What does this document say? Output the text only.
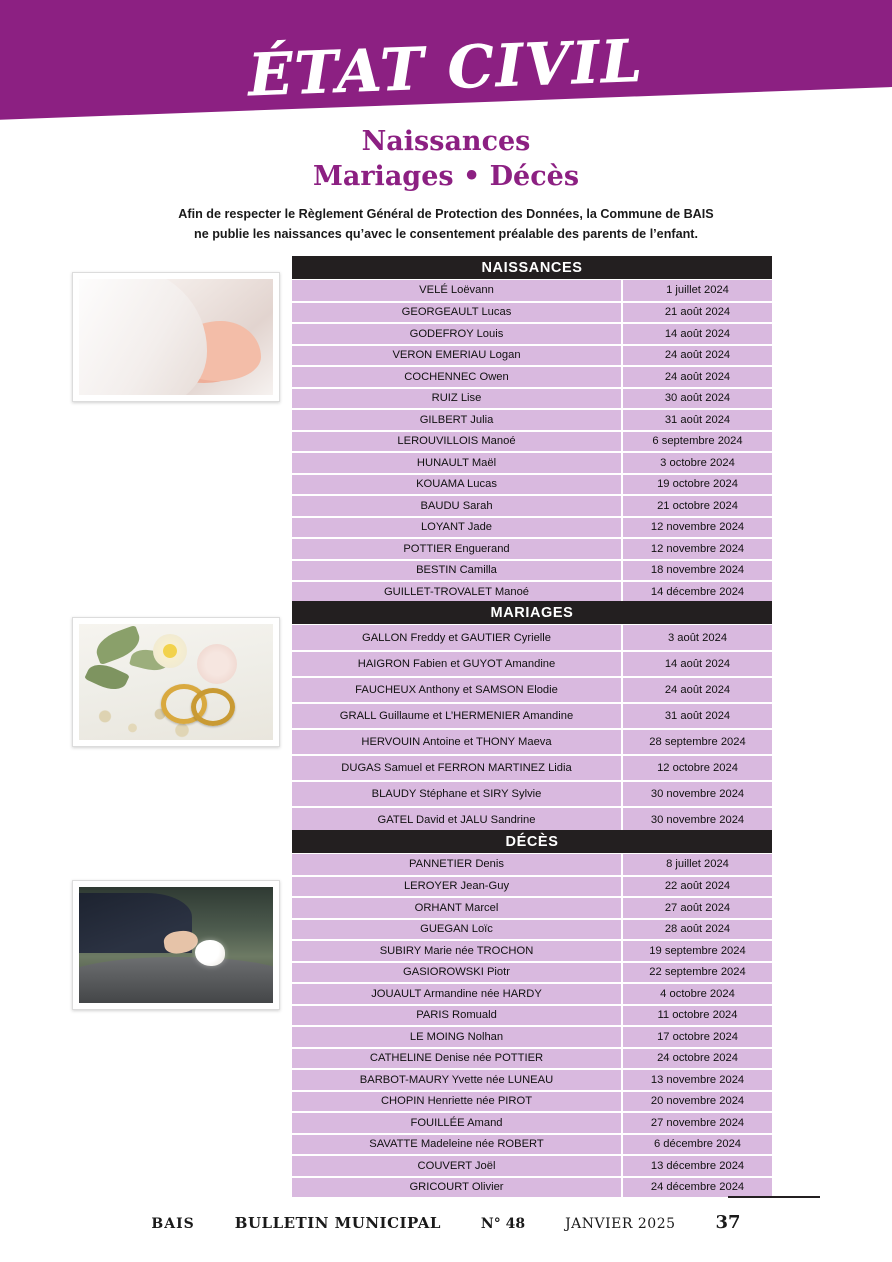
ÉTAT CIVIL
Naissances
Mariages • Décès
Afin de respecter le Règlement Général de Protection des Données, la Commune de BAIS
ne publie les naissances qu’avec le consentement préalable des parents de l’enfant.
NAISSANCES
VELÉ Loëvann	1 juillet 2024
GEORGEAULT Lucas	21 août 2024
GODEFROY Louis	14 août 2024
VERON EMERIAU Logan	24 août 2024
COCHENNEC Owen	24 août 2024
RUIZ Lise	30 août 2024
GILBERT Julia	31 août 2024
LEROUVILLOIS Manoé	6 septembre 2024
HUNAULT Maël	3 octobre 2024
KOUAMA Lucas	19 octobre 2024
BAUDU Sarah	21 octobre 2024
LOYANT Jade	12 novembre 2024
POTTIER Enguerand	12 novembre 2024
BESTIN Camilla	18 novembre 2024
GUILLET-TROVALET Manoé	14 décembre 2024
MARIAGES
GALLON Freddy et GAUTIER Cyrielle	3 août 2024
HAIGRON Fabien et GUYOT Amandine	14 août 2024
FAUCHEUX Anthony et SAMSON Elodie	24 août 2024
GRALL Guillaume et L’HERMENIER Amandine	31 août 2024
HERVOUIN Antoine et THONY Maeva	28 septembre 2024
DUGAS Samuel et FERRON MARTINEZ Lidia	12 octobre 2024
BLAUDY Stéphane et SIRY Sylvie	30 novembre 2024
GATEL David et JALU Sandrine	30 novembre 2024
DÉCÈS
PANNETIER Denis	8 juillet 2024
LEROYER Jean-Guy	22 août 2024
ORHANT Marcel	27 août 2024
GUEGAN Loïc	28 août 2024
SUBIRY Marie née TROCHON	19 septembre 2024
GASIOROWSKI Piotr	22 septembre 2024
JOUAULT Armandine née HARDY	4 octobre 2024
PARIS Romuald	11 octobre 2024
LE MOING Nolhan	17 octobre 2024
CATHELINE Denise née POTTIER	24 octobre 2024
BARBOT-MAURY Yvette née LUNEAU	13 novembre 2024
CHOPIN Henriette née PIROT	20 novembre 2024
FOUILLÉE Amand	27 novembre 2024
SAVATTE Madeleine née ROBERT	6 décembre 2024
COUVERT Joël	13 décembre 2024
GRICOURT Olivier	24 décembre 2024
BAIS	BULLETIN MUNICIPAL	N° 48	JANVIER 2025 37
